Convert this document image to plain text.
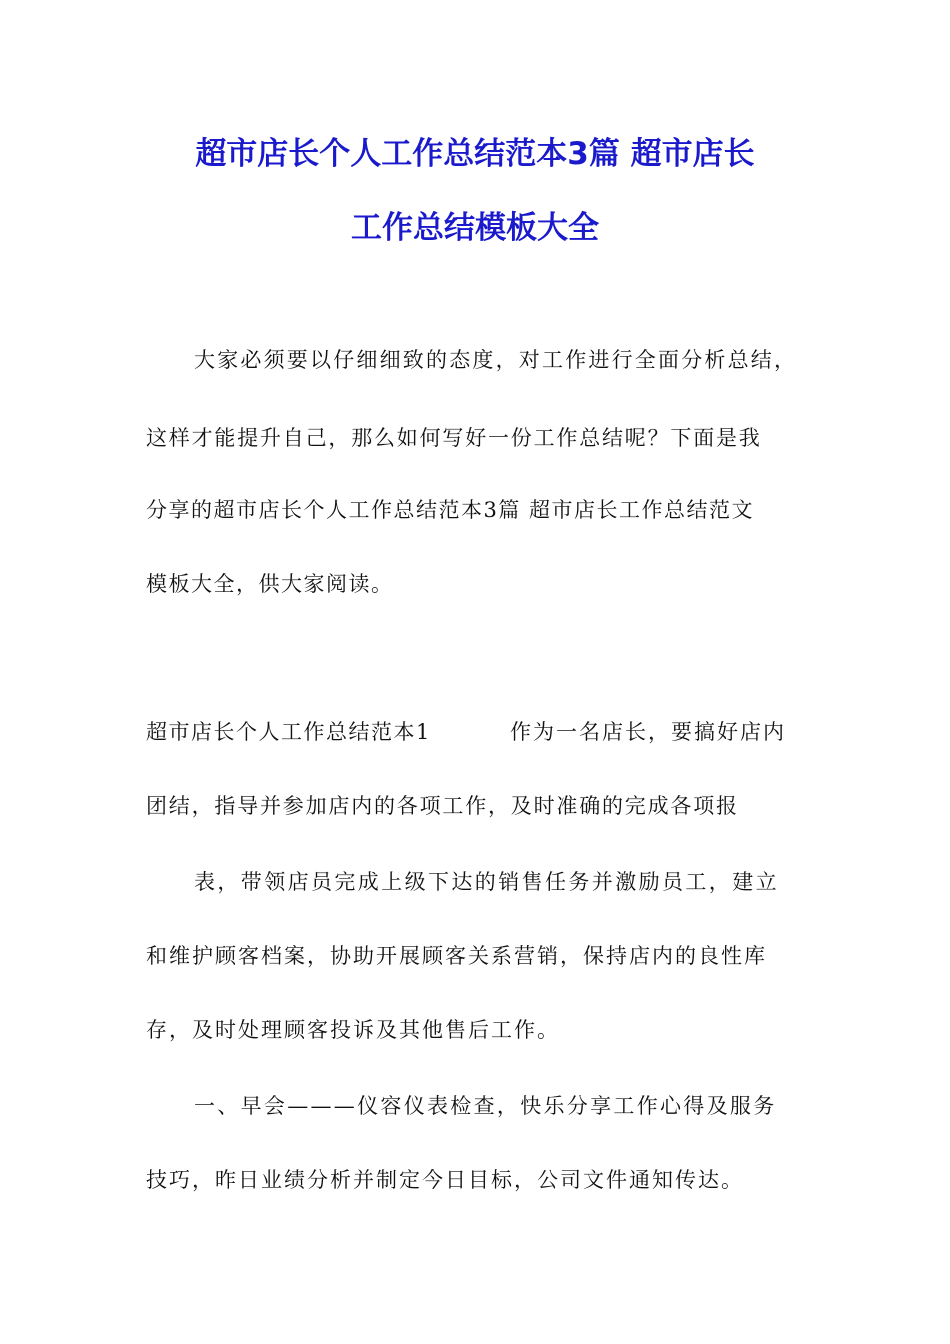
超市店长个人工作总结范本3篇 超市店长
工作总结模板大全
大家必须要以仔细细致的态度，对工作进行全面分析总结，
这样才能提升自己，那么如何写好一份工作总结呢？下面是我
分享的超市店长个人工作总结范本3篇 超市店长工作总结范文
模板大全，供大家阅读。
超市店长个人工作总结范本1	作为一名店长，要搞好店内
团结，指导并参加店内的各项工作，及时准确的完成各项报
表，带领店员完成上级下达的销售任务并激励员工，建立
和维护顾客档案，协助开展顾客关系营销，保持店内的良性库
存，及时处理顾客投诉及其他售后工作。
一、早会———仪容仪表检查，快乐分享工作心得及服务
技巧，昨日业绩分析并制定今日目标，公司文件通知传达。
